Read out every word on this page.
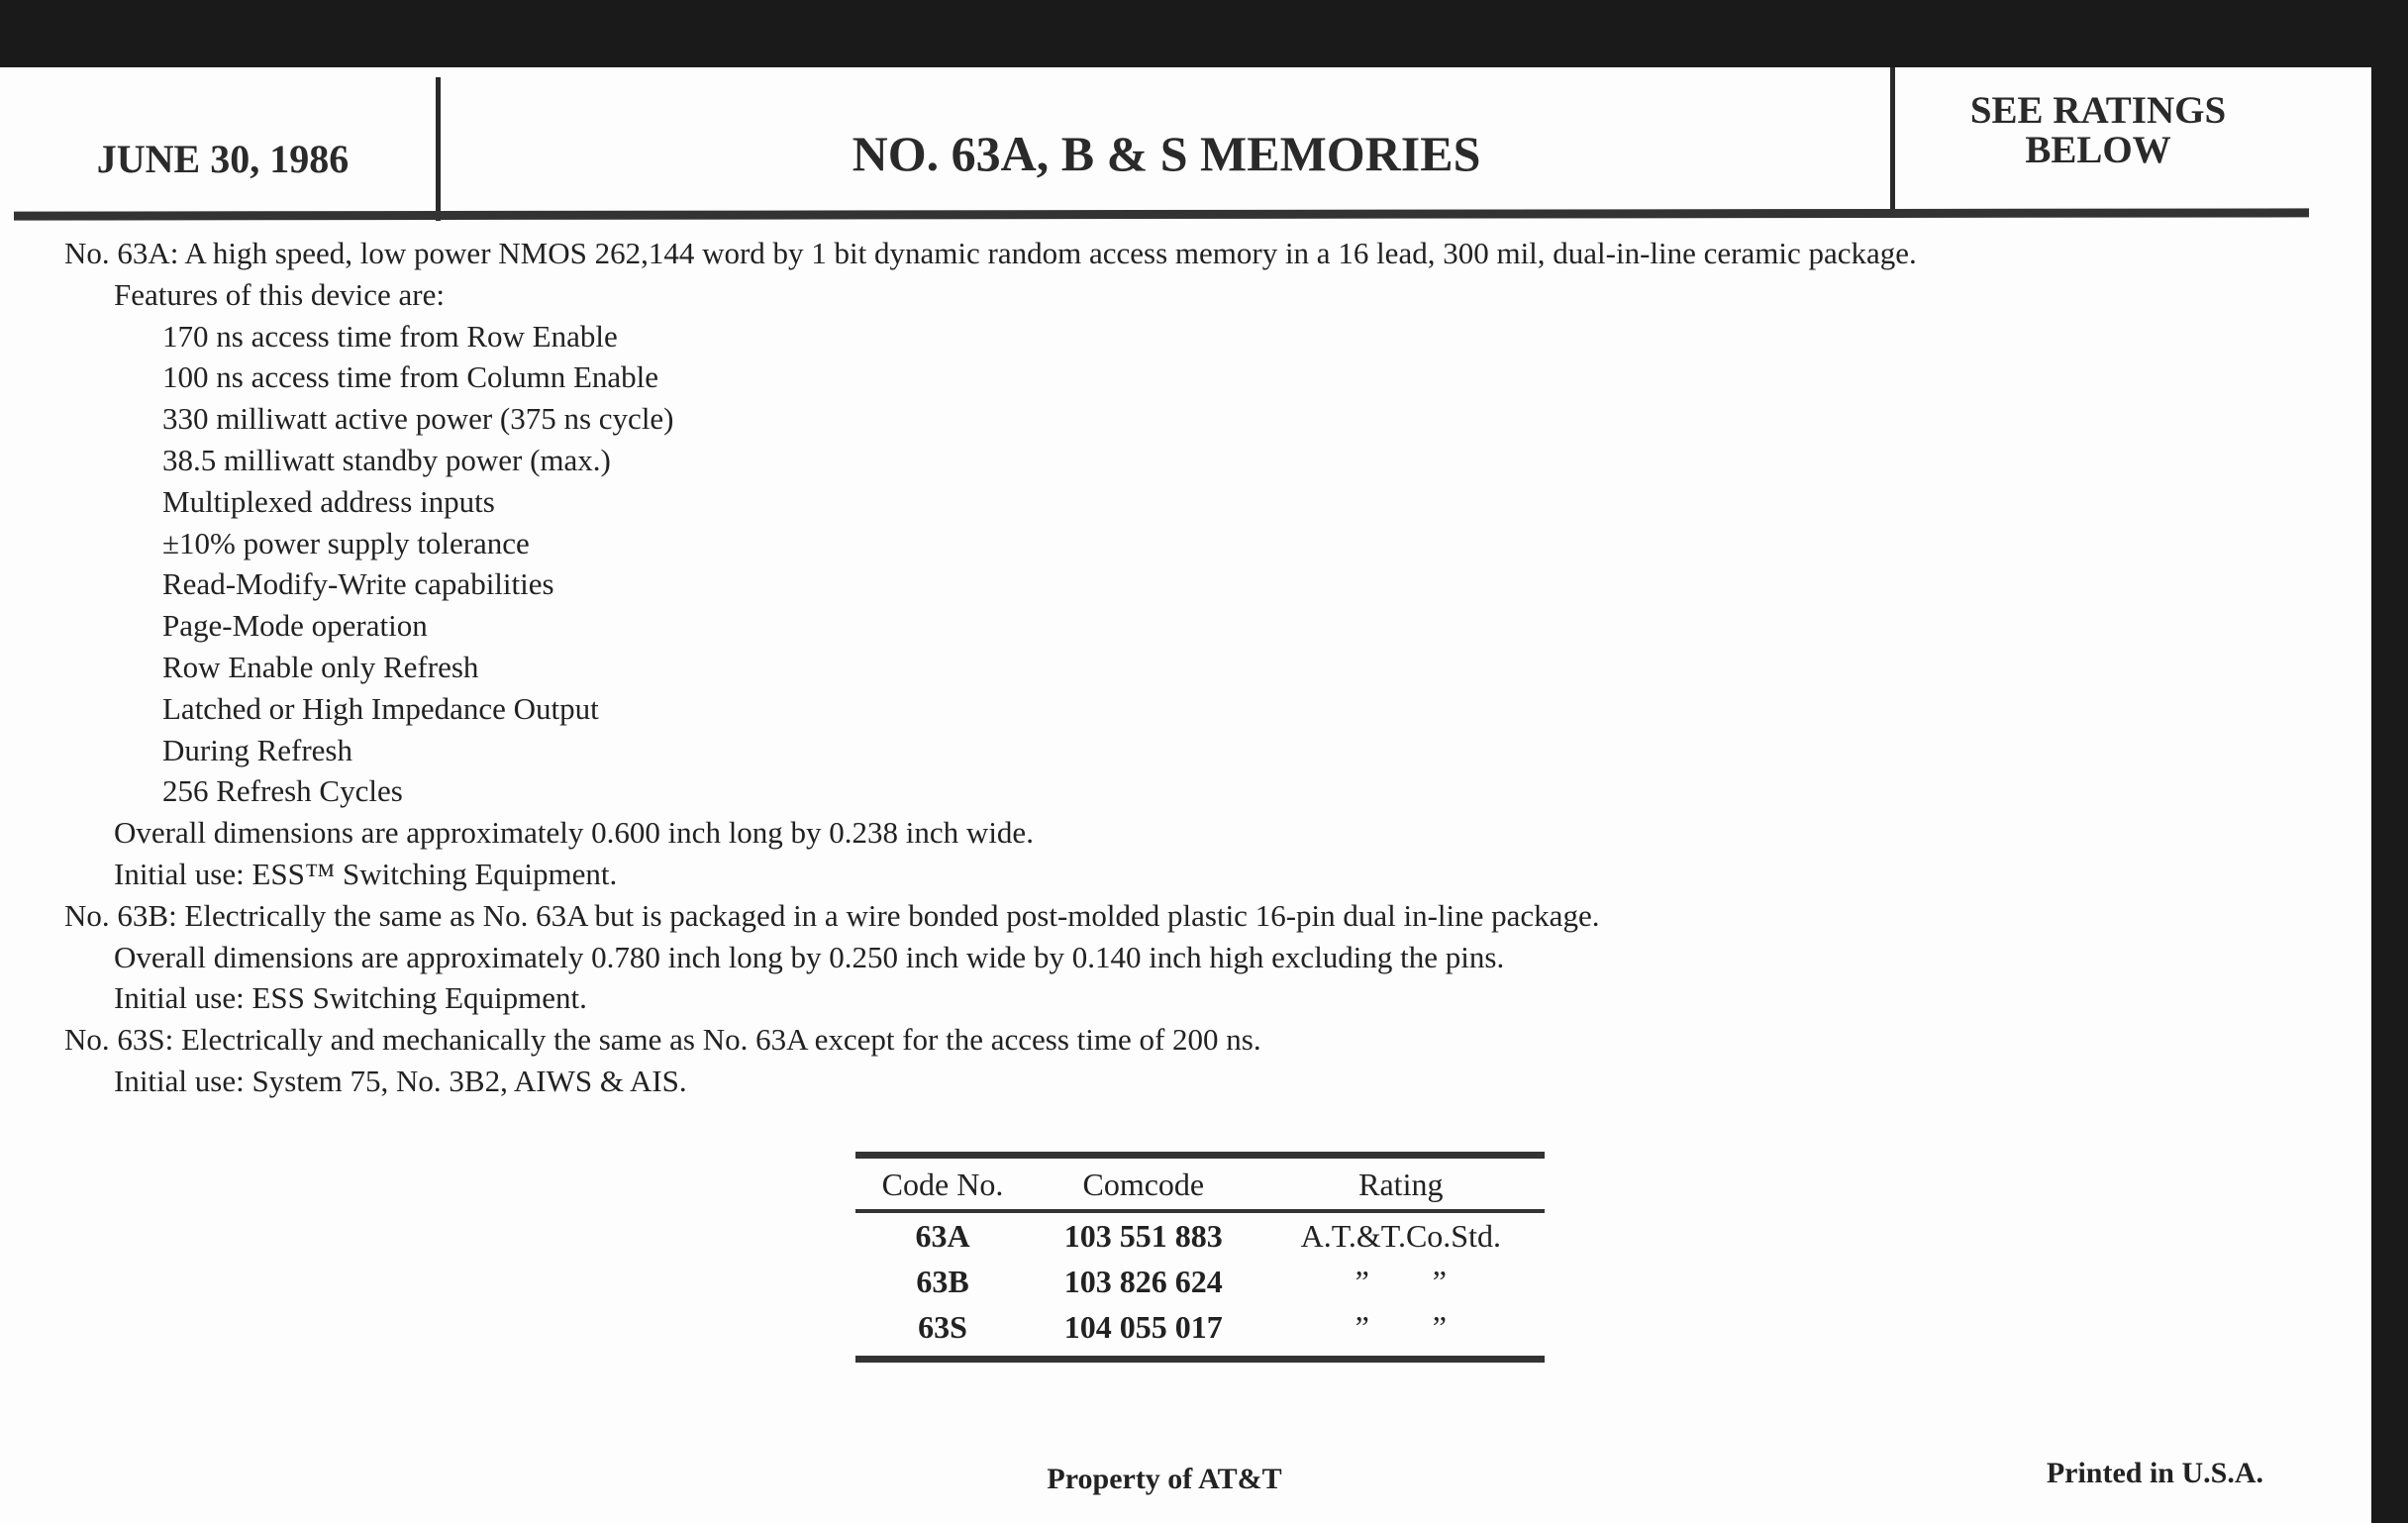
JUNE 30, 1986	NO. 63A, B & S MEMORIES
SEE RATINGS
BELOW
No. 63A: A high speed, low power NMOS 262,144 word by 1 bit dynamic random access memory in a 16 lead, 300 mil, dual-in-line ceramic package.
Features of this device are:
170 ns access time from Row Enable
100 ns access time from Column Enable
330 milliwatt active power (375 ns cycle)
38.5 milliwatt standby power (max.)
Multiplexed address inputs
±10% power supply tolerance
Read-Modify-Write capabilities
Page-Mode operation
Row Enable only Refresh
Latched or High Impedance Output
During Refresh
256 Refresh Cycles
Overall dimensions are approximately 0.600 inch long by 0.238 inch wide.
Initial use: ESS™ Switching Equipment.
No. 63B: Electrically the same as No. 63A but is packaged in a wire bonded post-molded plastic 16-pin dual in-line package.
Overall dimensions are approximately 0.780 inch long by 0.250 inch wide by 0.140 inch high excluding the pins.
Initial use: ESS Switching Equipment.
No. 63S: Electrically and mechanically the same as No. 63A except for the access time of 200 ns.
Initial use: System 75, No. 3B2, AIWS & AIS.
Code No.	Comcode	Rating
63A	103 551 883	A.T.&T.Co.Std.
63B	103 826 624	”        ”
63S	104 055 017	”        ”
Property of AT&T	Printed in U.S.A.
